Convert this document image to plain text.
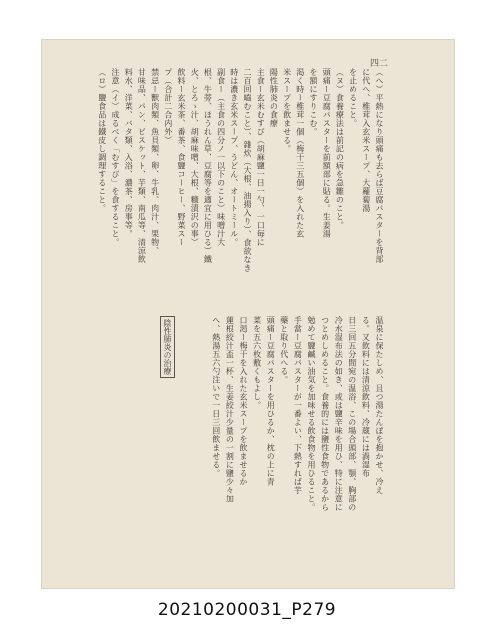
四二
（へ）平熱になり頭痛も去らば豆腐パスターを背部
に代へ、椎茸入玄米スープ、大蘿蔔湯
を止めること。
（ヌ）食養療法は前記の病を急雛のこと。
頭痛ー豆腐パスターを前額部に貼る。生姜湯
を額にすりこむ。
渇く時ー椎茸一個（梅干三五個）を入れた玄
米スープを飲ませる。
陽性肺炎の食療
主食ー玄米むすび（胡麻鹽一日一勺、一口毎に
二百回嚙むこと）、雜炊（大根、油揚入り）、食欲なき
時は濃き玄米スープ、うどん、オートミール。
副食ー（主食の四分ノ一以下のこと）味噌汁大
根、牛蒡、ほうれん草、豆腐等を適宜に用ひる）鐵
火、とろゝ汁、胡麻味噌、大根、糠漬沢の事）
飲料ー玄米茶、番茶、食鹽コーヒー、野菜スー
プ（合計二合内外）
禁忌ー獸肉類、魚貝類、卵、牛乳、肉汁、果物、
甘味品、パン、ビスケット、芋類、南瓜等、清涼飲
料水、洋菜、バタ類、入浴、濃茶、房事等。
注意（イ）成るべく「むすび」を食すること。
（ロ）鹽食品は鐵皮し調理すること。
陰性肺炎の治療	温泉に保たしめ、且つ湯たんぽを抱かせ、冷え
る。又飲料には清涼飲料、冷蔵には渦湿布
日三回五分間宛の温浴、この場合頭部、顎、胸部の
冷水湿布法の如き、或は鹽辛味を用ひ、特に注意に
つとめしめること。食養的には鹽性食物であるから
勉めて鹽鹹い油気を加味せる飲食物を用ひること。
手當ー豆腐パスターが一番よい、下熱すれば芋
藥と取り代へる。
頭痛ー豆腐パスターを用ひるか、枕の上に青
菜を五六枚敷くもよし。
口渇ー梅干を入れた玄米スープを飲ませるか
蓮根絞汁盃一杯、生姜絞汁少量の一割に鹽少々加
へ、熱湯五六勺注いで一日三回飲ませる。
20210200031_P279
